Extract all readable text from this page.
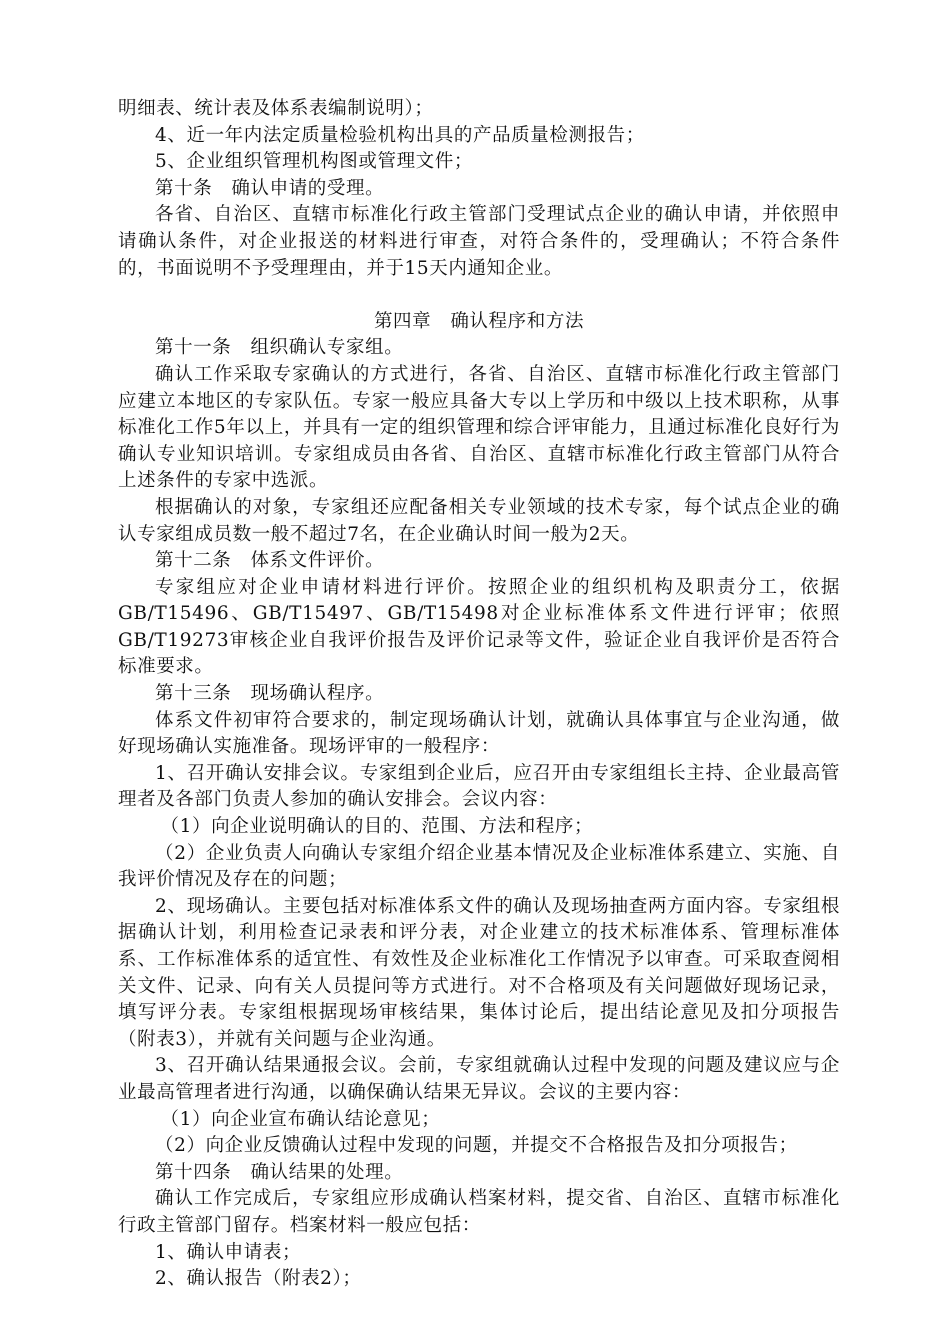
明细表、统计表及体系表编制说明）；

4、近一年内法定质量检验机构出具的产品质量检测报告；

5、企业组织管理机构图或管理文件；

第十条　确认申请的受理。

各省、自治区、直辖市标准化行政主管部门受理试点企业的确认申请，并依照申请确认条件，对企业报送的材料进行审查，对符合条件的，受理确认；不符合条件的，书面说明不予受理理由，并于15天内通知企业。

第四章　确认程序和方法

第十一条　组织确认专家组。

确认工作采取专家确认的方式进行，各省、自治区、直辖市标准化行政主管部门应建立本地区的专家队伍。专家一般应具备大专以上学历和中级以上技术职称，从事标准化工作5年以上，并具有一定的组织管理和综合评审能力，且通过标准化良好行为确认专业知识培训。专家组成员由各省、自治区、直辖市标准化行政主管部门从符合上述条件的专家中选派。

根据确认的对象，专家组还应配备相关专业领域的技术专家，每个试点企业的确认专家组成员数一般不超过7名，在企业确认时间一般为2天。

第十二条　体系文件评价。

专家组应对企业申请材料进行评价。按照企业的组织机构及职责分工，依据GB/T15496、GB/T15497、GB/T15498对企业标准体系文件进行评审；依照GB/T19273审核企业自我评价报告及评价记录等文件，验证企业自我评价是否符合标准要求。

第十三条　现场确认程序。

体系文件初审符合要求的，制定现场确认计划，就确认具体事宜与企业沟通，做好现场确认实施准备。现场评审的一般程序：

1、召开确认安排会议。专家组到企业后，应召开由专家组组长主持、企业最高管理者及各部门负责人参加的确认安排会。会议内容：

（1）向企业说明确认的目的、范围、方法和程序；

（2）企业负责人向确认专家组介绍企业基本情况及企业标准体系建立、实施、自我评价情况及存在的问题；

2、现场确认。主要包括对标准体系文件的确认及现场抽查两方面内容。专家组根据确认计划，利用检查记录表和评分表，对企业建立的技术标准体系、管理标准体系、工作标准体系的适宜性、有效性及企业标准化工作情况予以审查。可采取查阅相关文件、记录、向有关人员提问等方式进行。对不合格项及有关问题做好现场记录，填写评分表。专家组根据现场审核结果，集体讨论后，提出结论意见及扣分项报告（附表3），并就有关问题与企业沟通。

3、召开确认结果通报会议。会前，专家组就确认过程中发现的问题及建议应与企业最高管理者进行沟通，以确保确认结果无异议。会议的主要内容：

（1）向企业宣布确认结论意见；

（2）向企业反馈确认过程中发现的问题，并提交不合格报告及扣分项报告；

第十四条　确认结果的处理。

确认工作完成后，专家组应形成确认档案材料，提交省、自治区、直辖市标准化行政主管部门留存。档案材料一般应包括：

1、确认申请表；

2、确认报告（附表2）；
